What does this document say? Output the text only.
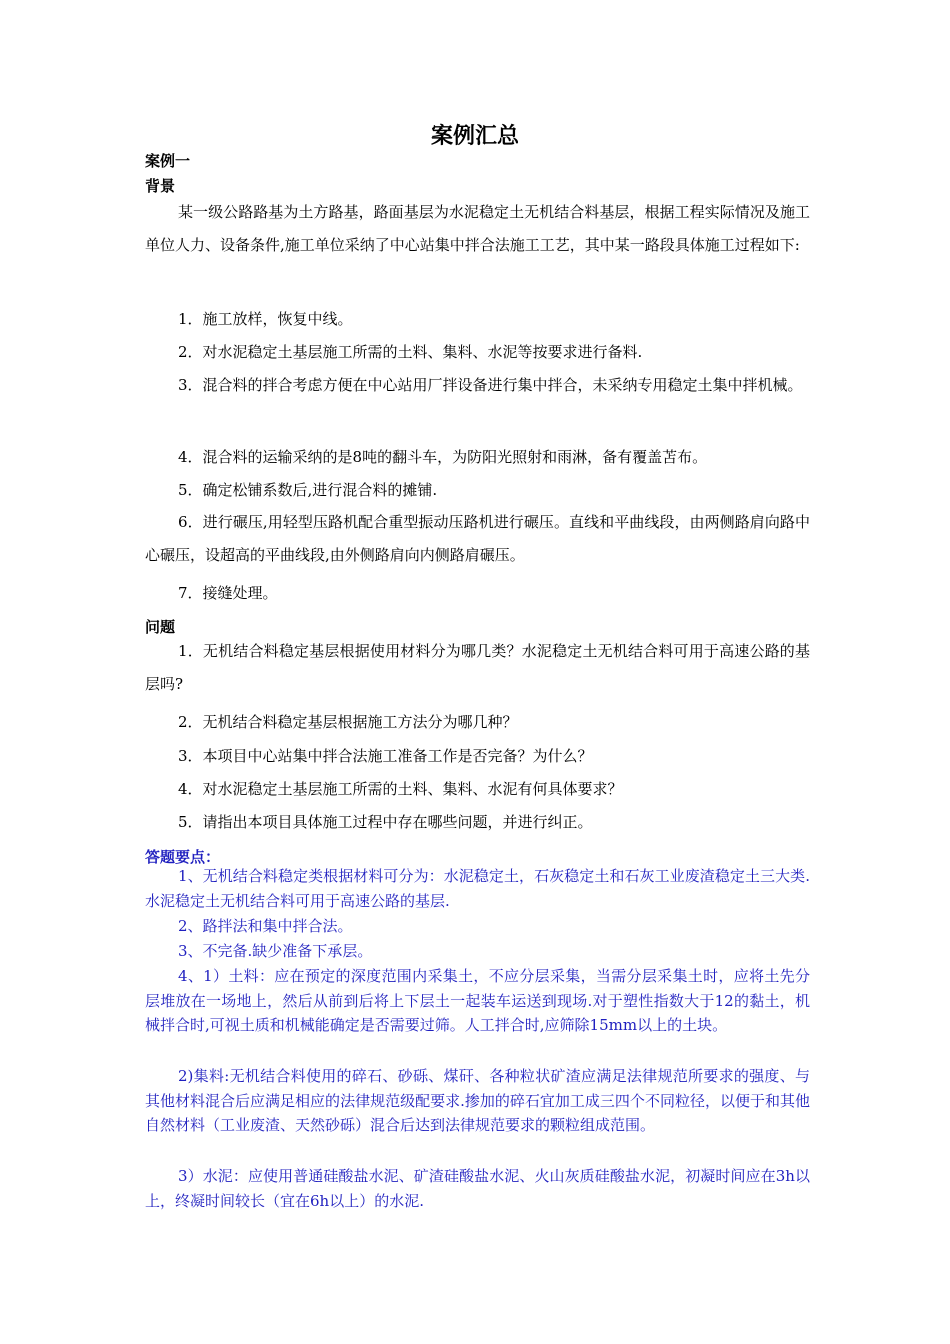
案例汇总
案例一
背景
某一级公路路基为土方路基，路面基层为水泥稳定土无机结合料基层，根据工程实际情况及施工单位人力、设备条件,施工单位采纳了中心站集中拌合法施工工艺，其中某一路段具体施工过程如下:
1．施工放样，恢复中线。
2．对水泥稳定土基层施工所需的土料、集料、水泥等按要求进行备料.
3．混合料的拌合考虑方便在中心站用厂拌设备进行集中拌合，未采纳专用稳定土集中拌机械。
4．混合料的运输采纳的是8吨的翻斗车，为防阳光照射和雨淋，备有覆盖苫布。
5．确定松铺系数后,进行混合料的摊铺.
6．进行碾压,用轻型压路机配合重型振动压路机进行碾压。直线和平曲线段，由两侧路肩向路中心碾压，设超高的平曲线段,由外侧路肩向内侧路肩碾压。
7．接缝处理。
问题
1．无机结合料稳定基层根据使用材料分为哪几类？水泥稳定土无机结合料可用于高速公路的基层吗?
2．无机结合料稳定基层根据施工方法分为哪几种？
3．本项目中心站集中拌合法施工准备工作是否完备？为什么？
4．对水泥稳定土基层施工所需的土料、集料、水泥有何具体要求？
5．请指出本项目具体施工过程中存在哪些问题，并进行纠正。
答题要点：
1、无机结合料稳定类根据材料可分为：水泥稳定土，石灰稳定土和石灰工业废渣稳定土三大类.水泥稳定土无机结合料可用于高速公路的基层.
2、路拌法和集中拌合法。
3、不完备.缺少准备下承层。
4、1）土料：应在预定的深度范围内采集土，不应分层采集，当需分层采集土时，应将土先分层堆放在一场地上，然后从前到后将上下层土一起装车运送到现场.对于塑性指数大于12的黏土，机械拌合时,可视土质和机械能确定是否需要过筛。人工拌合时,应筛除15mm以上的土块。
2)集料:无机结合料使用的碎石、砂砾、煤矸、各种粒状矿渣应满足法律规范所要求的强度、与其他材料混合后应满足相应的法律规范级配要求.掺加的碎石宜加工成三四个不同粒径，以便于和其他自然材料（工业废渣、天然砂砾）混合后达到法律规范要求的颗粒组成范围。
3）水泥：应使用普通硅酸盐水泥、矿渣硅酸盐水泥、火山灰质硅酸盐水泥，初凝时间应在3h以上，终凝时间较长（宜在6h以上）的水泥.
